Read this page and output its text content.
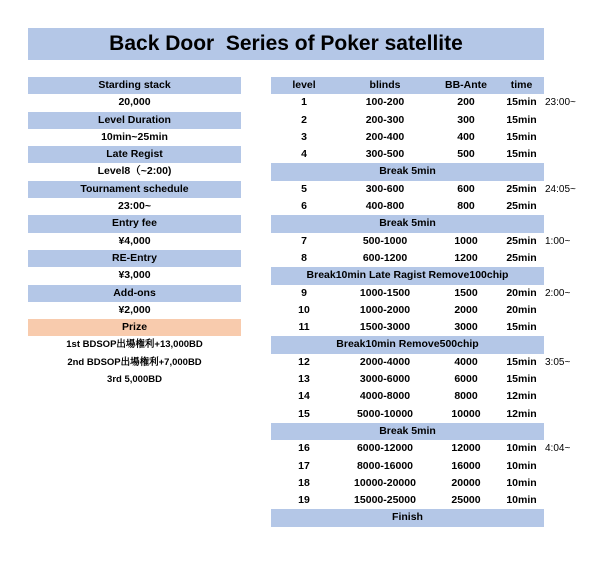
Back Door  Series of Poker satellite
Starding stack
20,000
Level Duration
10min~25min
Late Regist
Level8（~2:00)
Tournament schedule
23:00~
Entry fee
¥4,000
RE-Entry
¥3,000
Add-ons
¥2,000
Prize
1st BDSOP出場権利+13,000BD
2nd BDSOP出場権利+7,000BD
3rd 5,000BD
level	blinds	BB-Ante	time
1	100-200	200	15min 23:00~
2	200-300	300	15min
3	200-400	400	15min
4	300-500	500	15min
Break 5min
5	300-600	600	25min 24:05~
6	400-800	800	25min
Break 5min
7	500-1000	1000	25min 1:00~
8	600-1200	1200	25min
Break10min Late Ragist Remove100chip
9	1000-1500	1500	20min 2:00~
10	1000-2000	2000	20min
11	1500-3000	3000	15min
Break10min Remove500chip
12	2000-4000	4000	15min 3:05~
13	3000-6000	6000	15min
14	4000-8000	8000	12min
15	5000-10000	10000	12min
Break 5min
16	6000-12000	12000	10min 4:04~
17	8000-16000	16000	10min
18	10000-20000	20000	10min
19	15000-25000	25000	10min
Finish
